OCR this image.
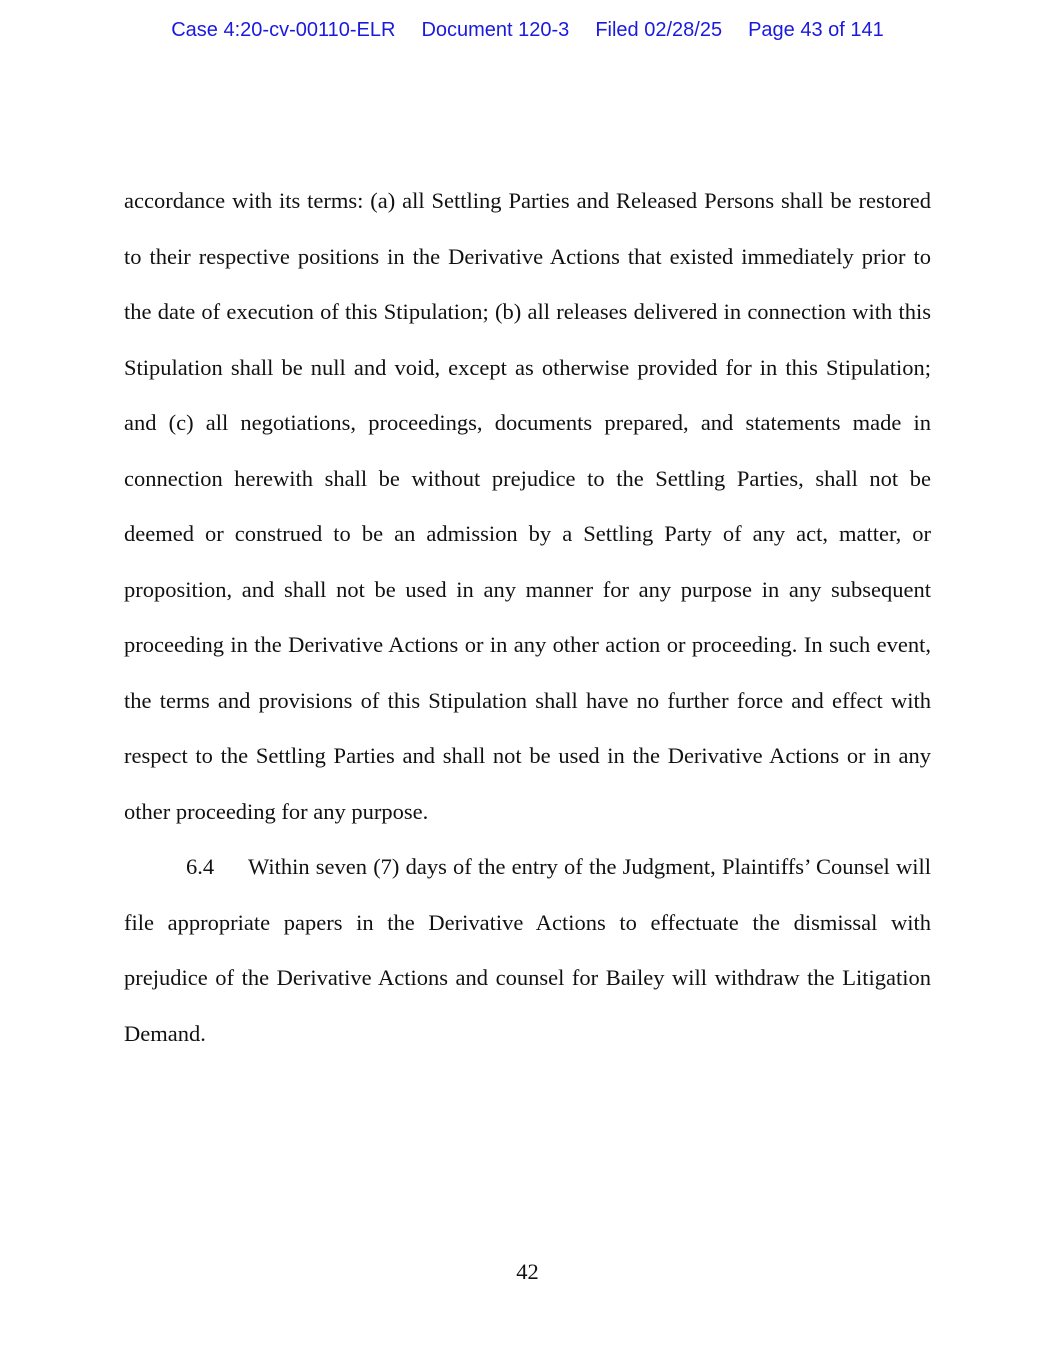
Case 4:20-cv-00110-ELR Document 120-3 Filed 02/28/25 Page 43 of 141

accordance with its terms: (a) all Settling Parties and Released Persons shall be restored to their respective positions in the Derivative Actions that existed immediately prior to the date of execution of this Stipulation; (b) all releases delivered in connection with this Stipulation shall be null and void, except as otherwise provided for in this Stipulation; and (c) all negotiations, proceedings, documents prepared, and statements made in connection herewith shall be without prejudice to the Settling Parties, shall not be deemed or construed to be an admission by a Settling Party of any act, matter, or proposition, and shall not be used in any manner for any purpose in any subsequent proceeding in the Derivative Actions or in any other action or proceeding. In such event, the terms and provisions of this Stipulation shall have no further force and effect with respect to the Settling Parties and shall not be used in the Derivative Actions or in any other proceeding for any purpose.

6.4 Within seven (7) days of the entry of the Judgment, Plaintiffs’ Counsel will file appropriate papers in the Derivative Actions to effectuate the dismissal with prejudice of the Derivative Actions and counsel for Bailey will withdraw the Litigation Demand.

42
